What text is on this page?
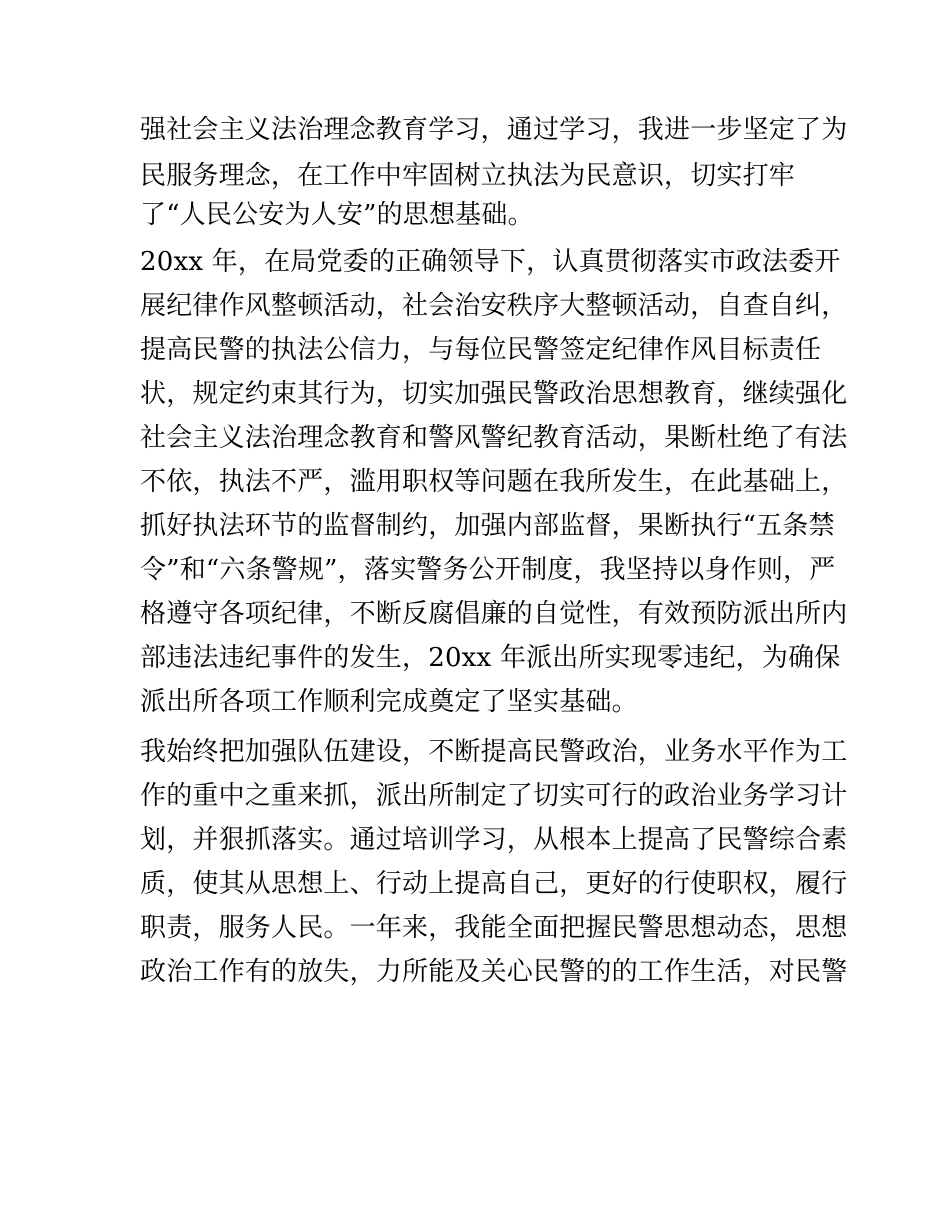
强社会主义法治理念教育学习，通过学习，我进一步坚定了为
民服务理念，在工作中牢固树立执法为民意识，切实打牢
了“人民公安为人安”的思想基础。
20xx 年，在局党委的正确领导下，认真贯彻落实市政法委开
展纪律作风整顿活动，社会治安秩序大整顿活动，自查自纠，
提高民警的执法公信力，与每位民警签定纪律作风目标责任
状，规定约束其行为，切实加强民警政治思想教育，继续强化
社会主义法治理念教育和警风警纪教育活动，果断杜绝了有法
不依，执法不严，滥用职权等问题在我所发生，在此基础上，
抓好执法环节的监督制约，加强内部监督，果断执行“五条禁
令”和“六条警规”，落实警务公开制度，我坚持以身作则，严
格遵守各项纪律，不断反腐倡廉的自觉性，有效预防派出所内
部违法违纪事件的发生，20xx 年派出所实现零违纪，为确保
派出所各项工作顺利完成奠定了坚实基础。
我始终把加强队伍建设，不断提高民警政治，业务水平作为工
作的重中之重来抓，派出所制定了切实可行的政治业务学习计
划，并狠抓落实。通过培训学习，从根本上提高了民警综合素
质，使其从思想上、行动上提高自己，更好的行使职权，履行
职责，服务人民。一年来，我能全面把握民警思想动态，思想
政治工作有的放失，力所能及关心民警的的工作生活，对民警
